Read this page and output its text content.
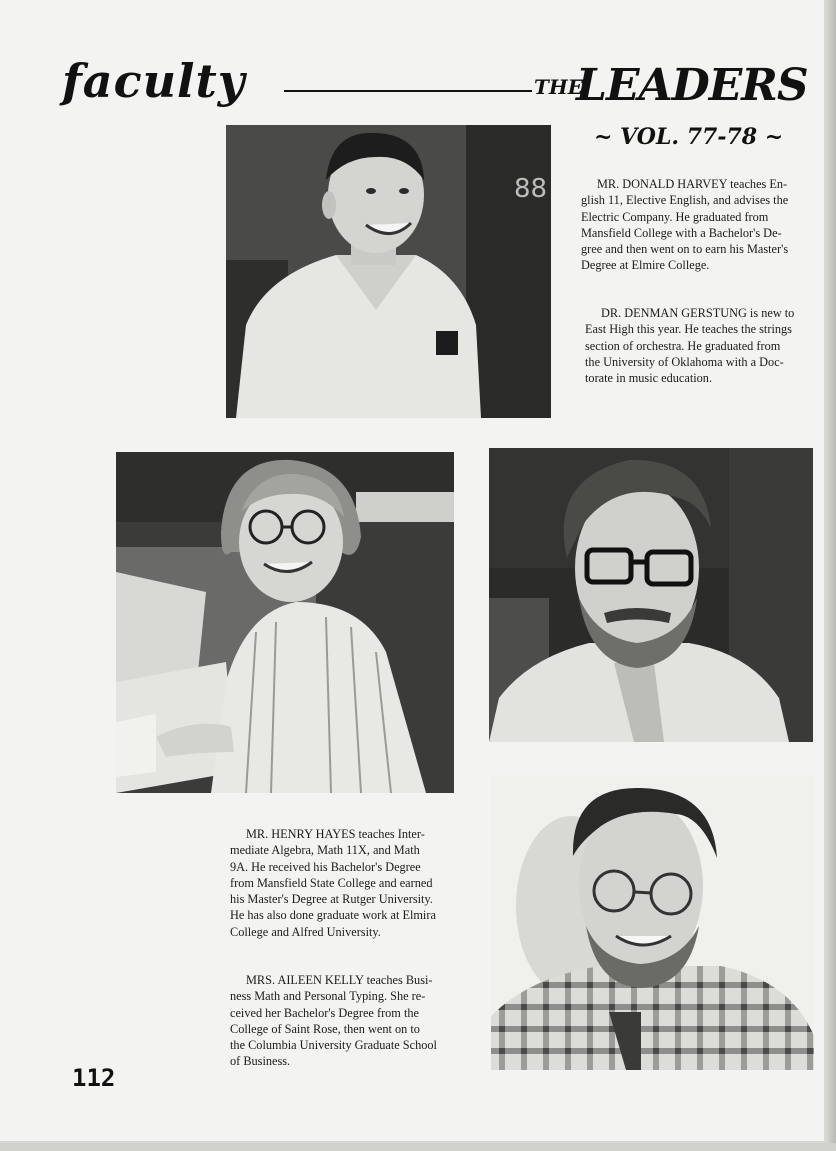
faculty	THE
LEADERS
~ VOL. 77-78 ~
88	MR. DONALD HARVEY teaches En-
glish 11, Elective English, and advises the
Electric Company. He graduated from
Mansfield College with a Bachelor's De-
gree and then went on to earn his Master's
Degree at Elmire College.
DR. DENMAN GERSTUNG is new to
East High this year. He teaches the strings
section of orchestra. He graduated from
the University of Oklahoma with a Doc-
torate in music education.
MR. HENRY HAYES teaches Inter-
mediate Algebra, Math 11X, and Math
9A. He received his Bachelor's Degree
from Mansfield State College and earned
his Master's Degree at Rutger University.
He has also done graduate work at Elmira
College and Alfred University.
MRS. AILEEN KELLY teaches Busi-
ness Math and Personal Typing. She re-
ceived her Bachelor's Degree from the
College of Saint Rose, then went on to
the Columbia University Graduate School
of Business.
112
